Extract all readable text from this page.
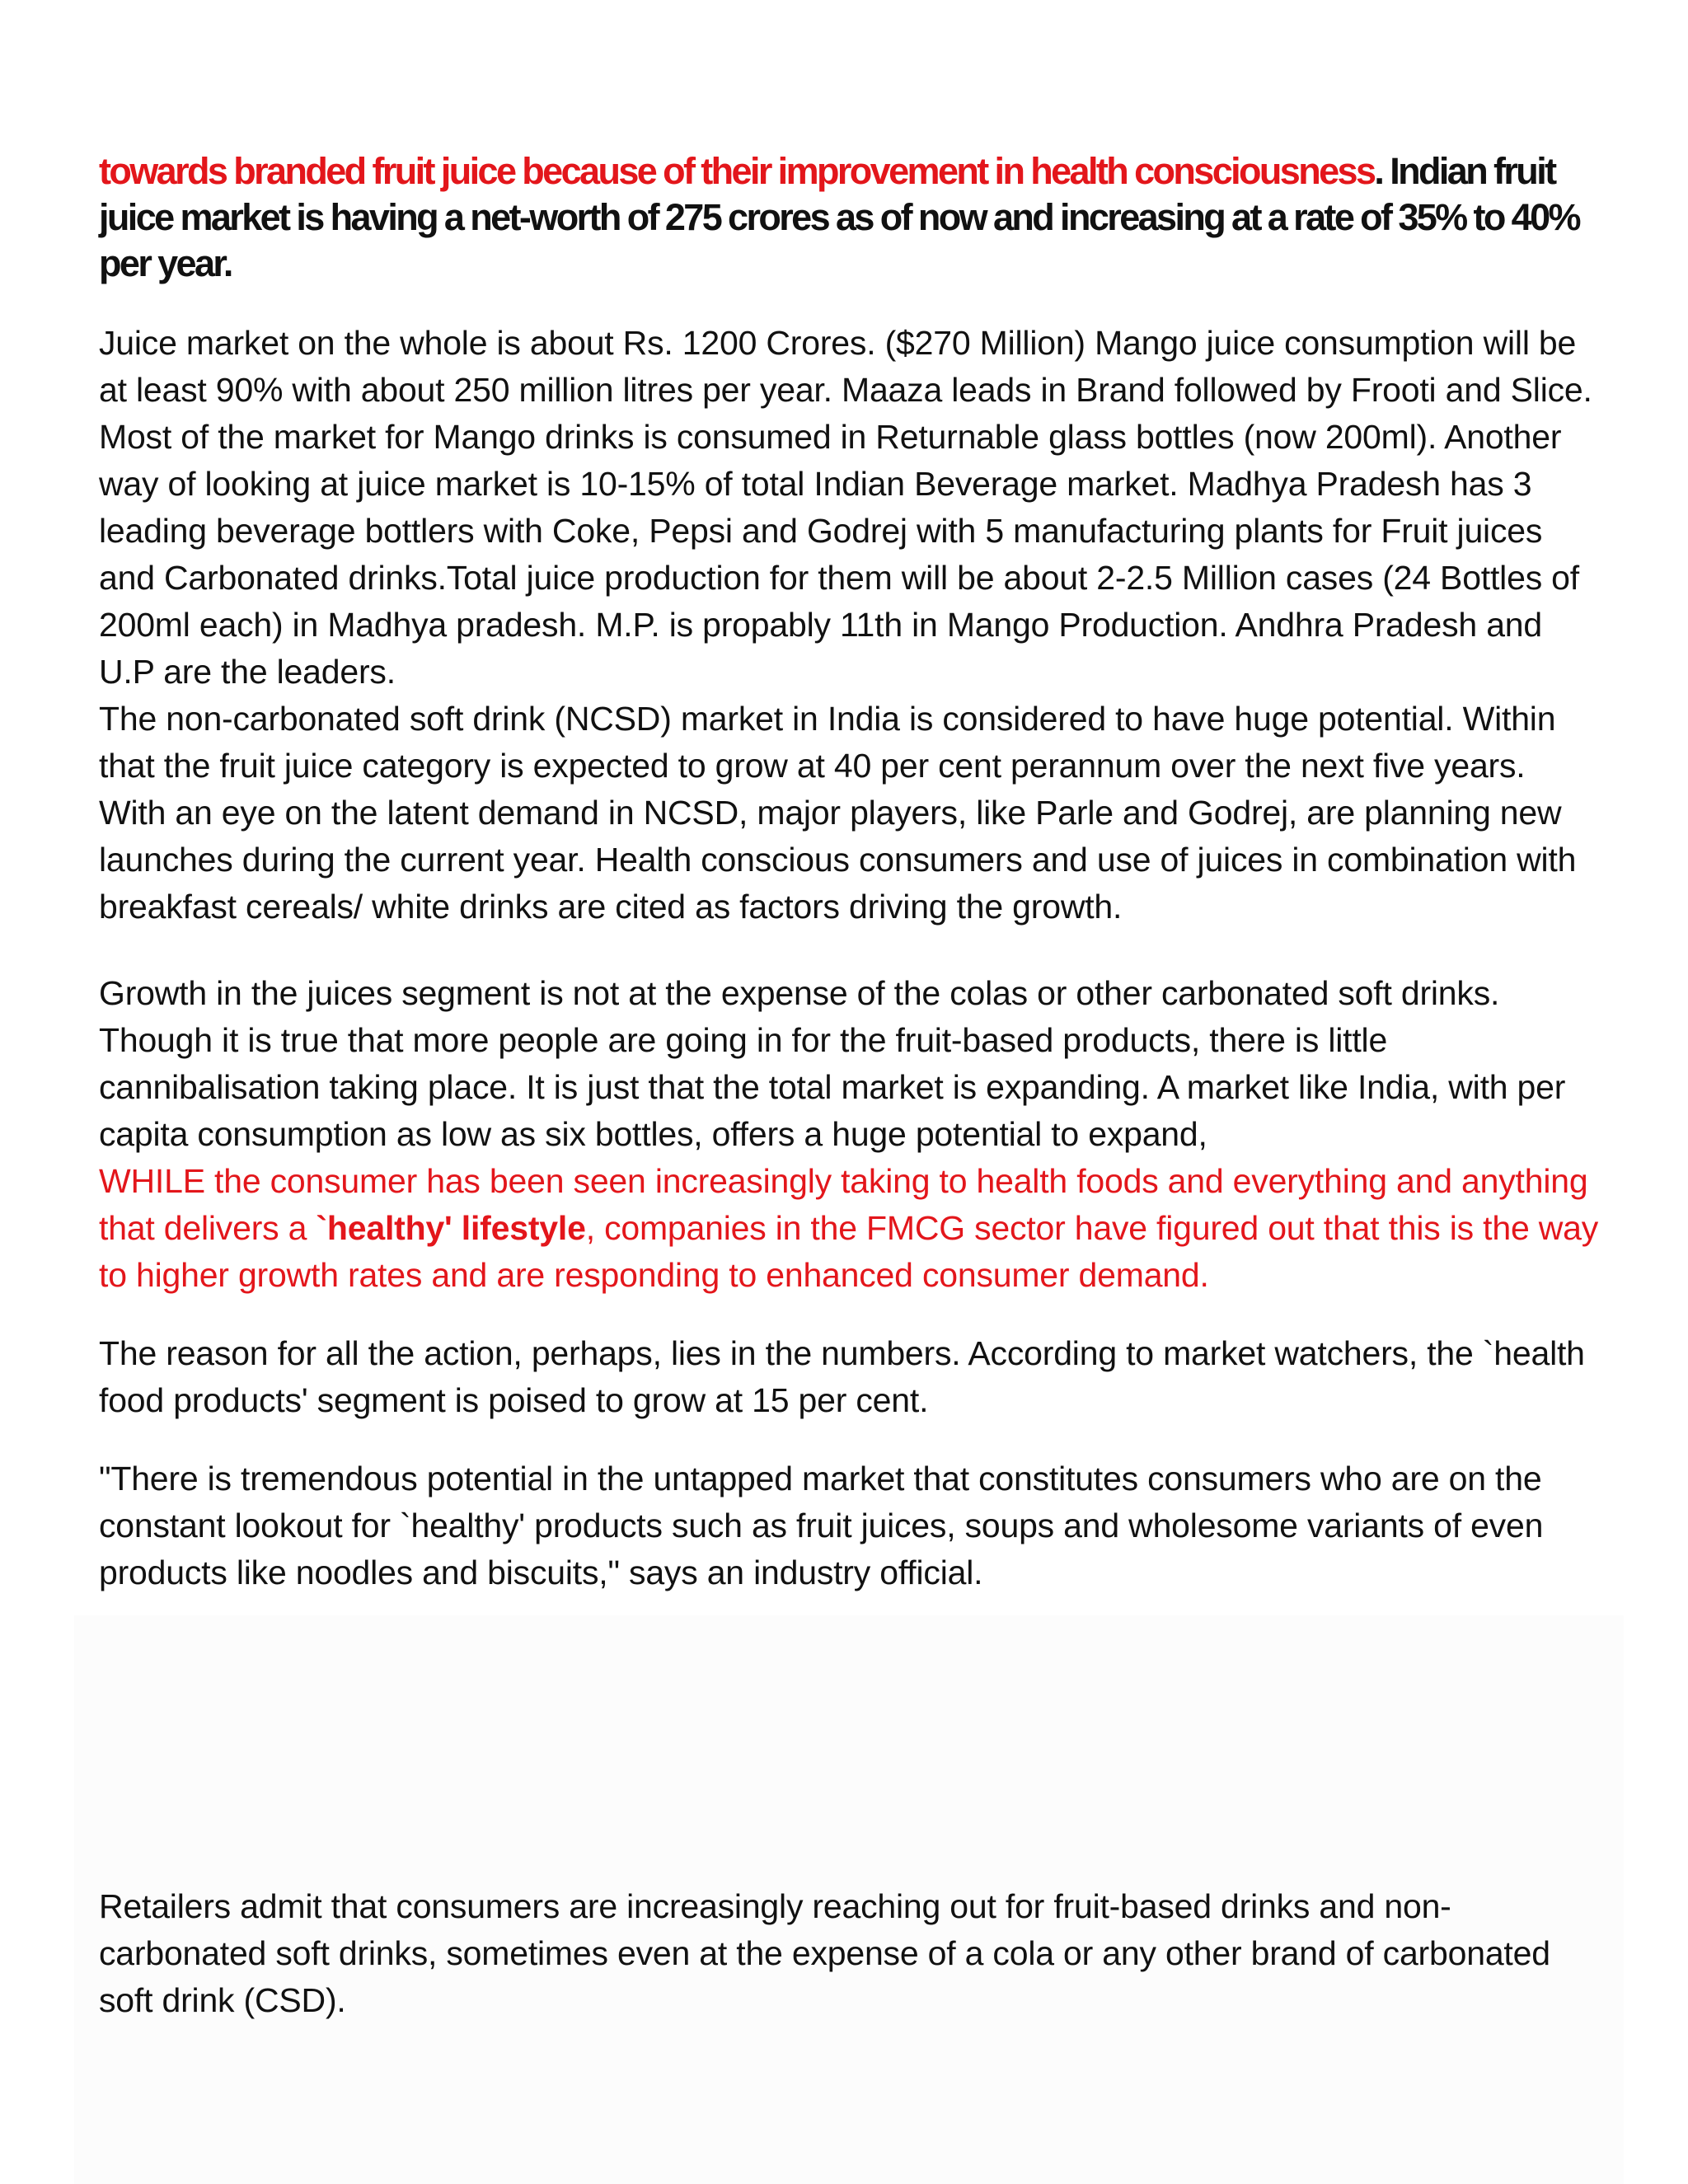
towards branded fruit juice because of their improvement in health consciousness. Indian fruit juice market is having a net-worth of 275 crores as of now and increasing at a rate of 35% to 40% per year.

Juice market on the whole is about Rs. 1200 Crores. ($270 Million) Mango juice consumption will be at least 90% with about 250 million litres per year. Maaza leads in Brand followed by Frooti and Slice. Most of the market for Mango drinks is consumed in Returnable glass bottles (now 200ml). Another way of looking at juice market is 10-15% of total Indian Beverage market. Madhya Pradesh has 3 leading beverage bottlers with Coke, Pepsi and Godrej with 5 manufacturing plants for Fruit juices and Carbonated drinks.Total juice production for them will be about 2-2.5 Million cases (24 Bottles of 200ml each) in Madhya pradesh. M.P. is propably 11th in Mango Production. Andhra Pradesh and U.P are the leaders.
The non-carbonated soft drink (NCSD) market in India is considered to have huge potential. Within that the fruit juice category is expected to grow at 40 per cent perannum over the next five years. With an eye on the latent demand in NCSD, major players, like Parle and Godrej, are planning new launches during the current year. Health conscious consumers and use of juices in combination with breakfast cereals/ white drinks are cited as factors driving the growth.

Growth in the juices segment is not at the expense of the colas or other carbonated soft drinks. Though it is true that more people are going in for the fruit-based products, there is little cannibalisation taking place. It is just that the total market is expanding. A market like India, with per capita consumption as low as six bottles, offers a huge potential to expand,
WHILE the consumer has been seen increasingly taking to health foods and everything and anything that delivers a `healthy' lifestyle, companies in the FMCG sector have figured out that this is the way to higher growth rates and are responding to enhanced consumer demand.

The reason for all the action, perhaps, lies in the numbers. According to market watchers, the `health food products' segment is poised to grow at 15 per cent.

"There is tremendous potential in the untapped market that constitutes consumers who are on the constant lookout for `healthy' products such as fruit juices, soups and wholesome variants of even products like noodles and biscuits," says an industry official.

Retailers admit that consumers are increasingly reaching out for fruit-based drinks and non-carbonated soft drinks, sometimes even at the expense of a cola or any other brand of carbonated soft drink (CSD).
